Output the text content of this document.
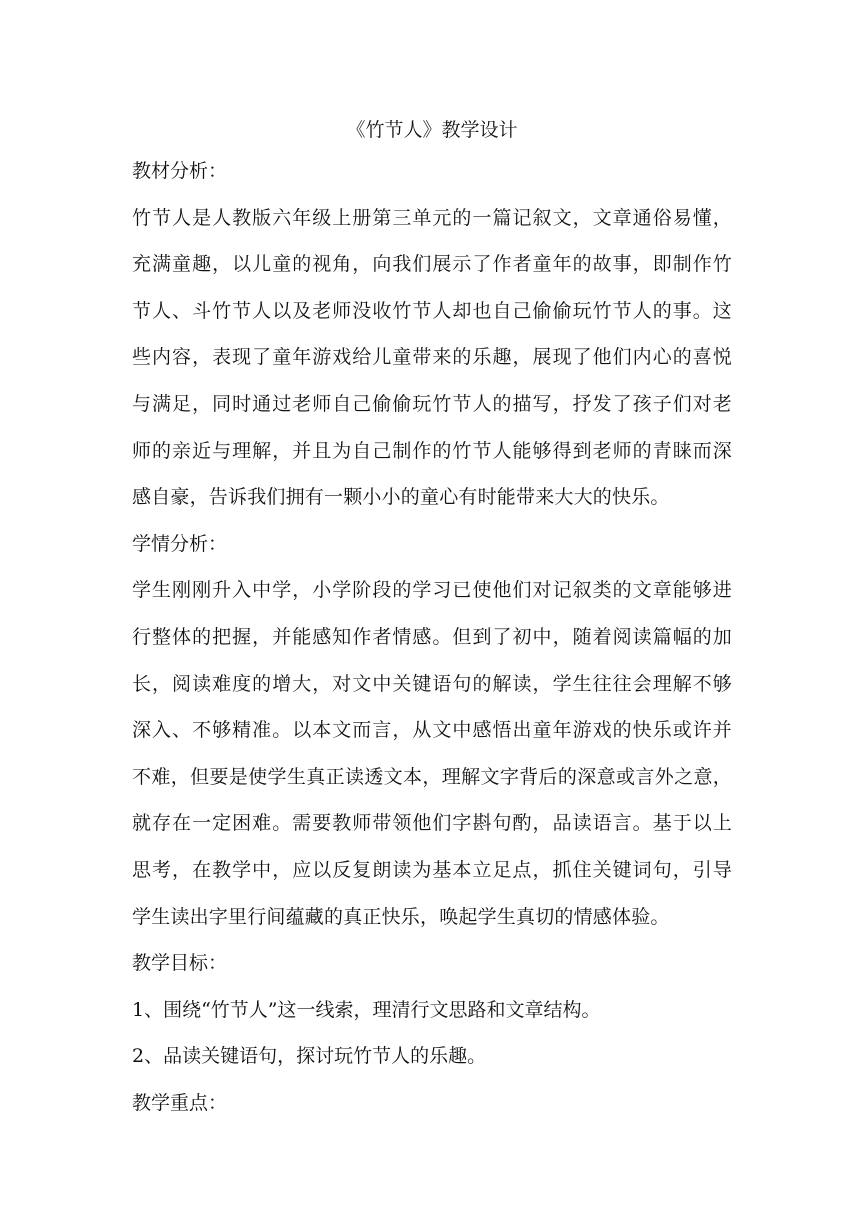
《竹节人》教学设计
教材分析：
竹节人是人教版六年级上册第三单元的一篇记叙文，文章通俗易懂，
充满童趣，以儿童的视角，向我们展示了作者童年的故事，即制作竹
节人、斗竹节人以及老师没收竹节人却也自己偷偷玩竹节人的事。这
些内容，表现了童年游戏给儿童带来的乐趣，展现了他们内心的喜悦
与满足，同时通过老师自己偷偷玩竹节人的描写，抒发了孩子们对老
师的亲近与理解，并且为自己制作的竹节人能够得到老师的青睐而深
感自豪，告诉我们拥有一颗小小的童心有时能带来大大的快乐。
学情分析：
学生刚刚升入中学，小学阶段的学习已使他们对记叙类的文章能够进
行整体的把握，并能感知作者情感。但到了初中，随着阅读篇幅的加
长，阅读难度的增大，对文中关键语句的解读，学生往往会理解不够
深入、不够精准。以本文而言，从文中感悟出童年游戏的快乐或许并
不难，但要是使学生真正读透文本，理解文字背后的深意或言外之意，
就存在一定困难。需要教师带领他们字斟句酌，品读语言。基于以上
思考，在教学中，应以反复朗读为基本立足点，抓住关键词句，引导
学生读出字里行间蕴藏的真正快乐，唤起学生真切的情感体验。
教学目标：
1、围绕“竹节人”这一线索，理清行文思路和文章结构。
2、品读关键语句，探讨玩竹节人的乐趣。
教学重点：
